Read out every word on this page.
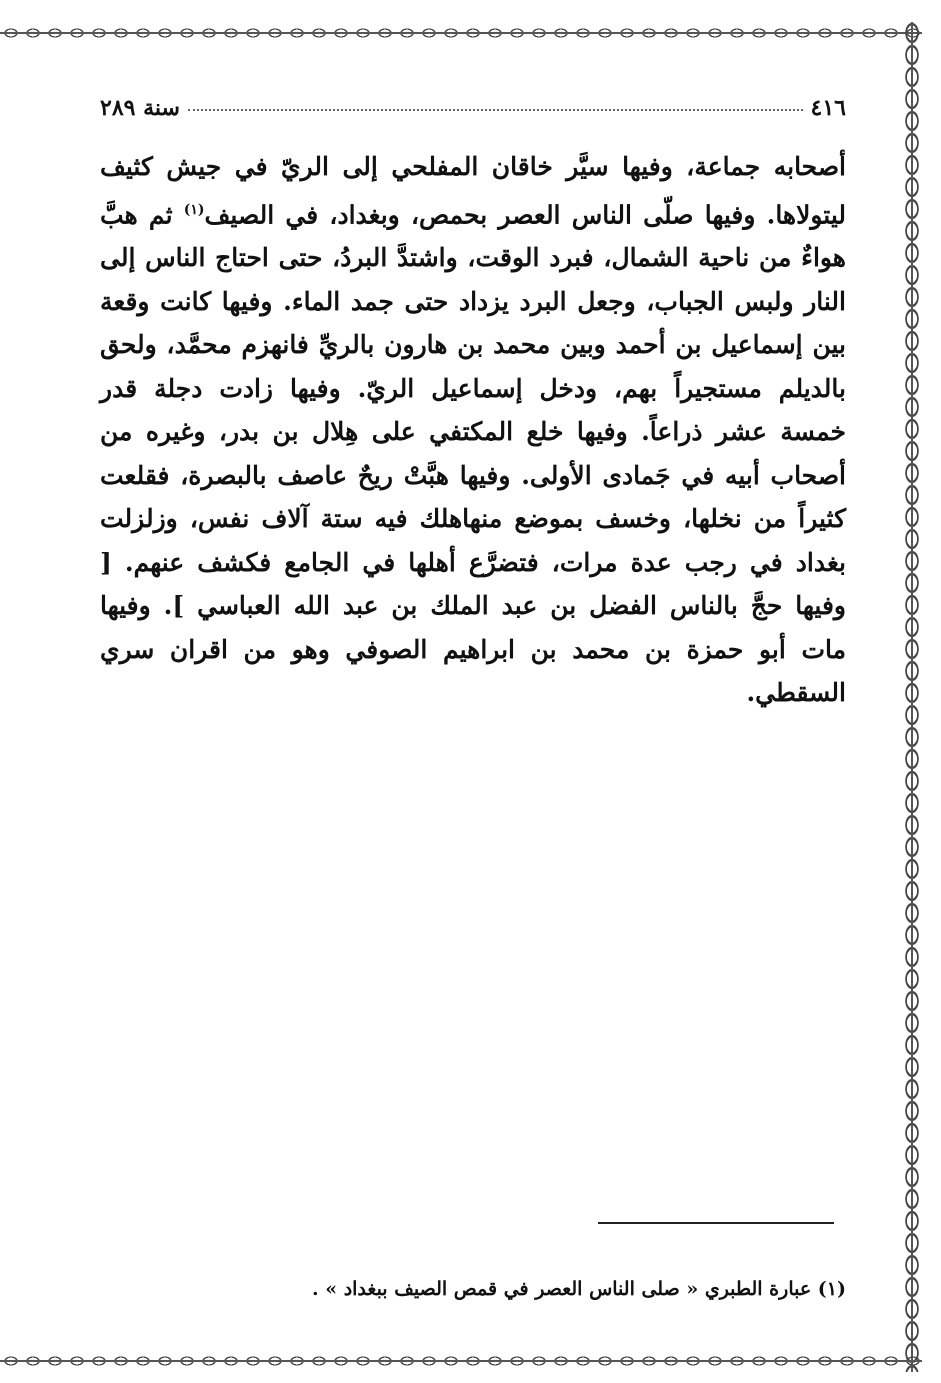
٤١٦
سنة ٢٨٩
أصحابه جماعة، وفيها سيَّر خاقان المفلحي إلى الريّ في جيش كثيف ليتولاها. وفيها صلّى الناس العصر بحمص، وبغداد، في الصيف$^{(١)}$ ثم هبَّ هواءٌ من ناحية الشمال، فبرد الوقت، واشتدَّ البردُ، حتى احتاج الناس إلى النار ولبس الجباب، وجعل البرد يزداد حتى جمد الماء. وفيها كانت وقعة بين إسماعيل بن أحمد وبين محمد بن هارون بالريِّ فانهزم محمَّد، ولحق بالديلم مستجيراً بهم، ودخل إسماعيل الريّ. وفيها زادت دجلة قدر خمسة عشر ذراعاً. وفيها خلع المكتفي على هِلال بن بدر، وغيره من أصحاب أبيه في جَمادى الأولى. وفيها هبَّتْ ريحٌ عاصف بالبصرة، فقلعت كثيراً من نخلها، وخسف بموضع منهاهلك فيه ستة آلاف نفس، وزلزلت بغداد في رجب عدة مرات، فتضرَّع أهلها في الجامع فكشف عنهم. [ وفيها حجَّ بالناس الفضل بن عبد الملك بن عبد الله العباسي ]. وفيها مات أبو حمزة بن محمد بن ابراهيم الصوفي وهو من اقران سري السقطي.
(١) عبارة الطبري « صلى الناس العصر في قمص الصيف ببغداد » .
